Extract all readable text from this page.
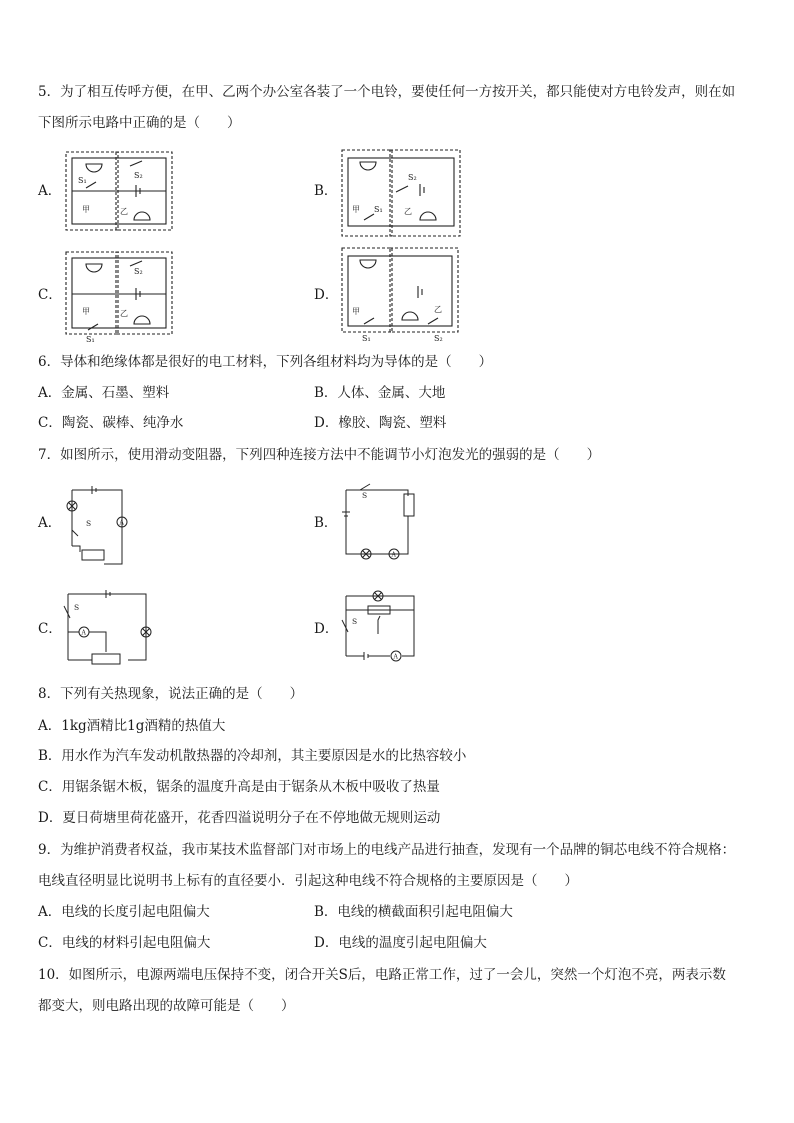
5．为了相互传呼方便，在甲、乙两个办公室各装了一个电铃，要使任何一方按开关，都只能使对方电铃发声，则在如
下图所示电路中正确的是（　　）
A．
S₁
S₂
甲	乙
B．
S₂
S₁
甲	乙
C．
S₂
甲	乙
S₁
D．
甲	乙
S₁	S₂
6．导体和绝缘体都是很好的电工材料，下列各组材料均为导体的是（　　）
A．金属、石墨、塑料	B．人体、金属、大地
C．陶瓷、碳棒、纯净水	D．橡胶、陶瓷、塑料
7．如图所示，使用滑动变阻器，下列四种连接方法中不能调节小灯泡发光的强弱的是（　　）
A．	S	A	B．
S
A
C．
S
A	D． S
A
8．下列有关热现象，说法正确的是（　　）
A．1kg酒精比1g酒精的热值大
B．用水作为汽车发动机散热器的冷却剂，其主要原因是水的比热容较小
C．用锯条锯木板，锯条的温度升高是由于锯条从木板中吸收了热量
D．夏日荷塘里荷花盛开，花香四溢说明分子在不停地做无规则运动
9．为维护消费者权益，我市某技术监督部门对市场上的电线产品进行抽查，发现有一个品牌的铜芯电线不符合规格：
电线直径明显比说明书上标有的直径要小．引起这种电线不符合规格的主要原因是（　　）
A．电线的长度引起电阻偏大	B．电线的横截面积引起电阻偏大
C．电线的材料引起电阻偏大	D．电线的温度引起电阻偏大
10．如图所示，电源两端电压保持不变，闭合开关S后，电路正常工作，过了一会儿，突然一个灯泡不亮，两表示数
都变大，则电路出现的故障可能是（　　）
